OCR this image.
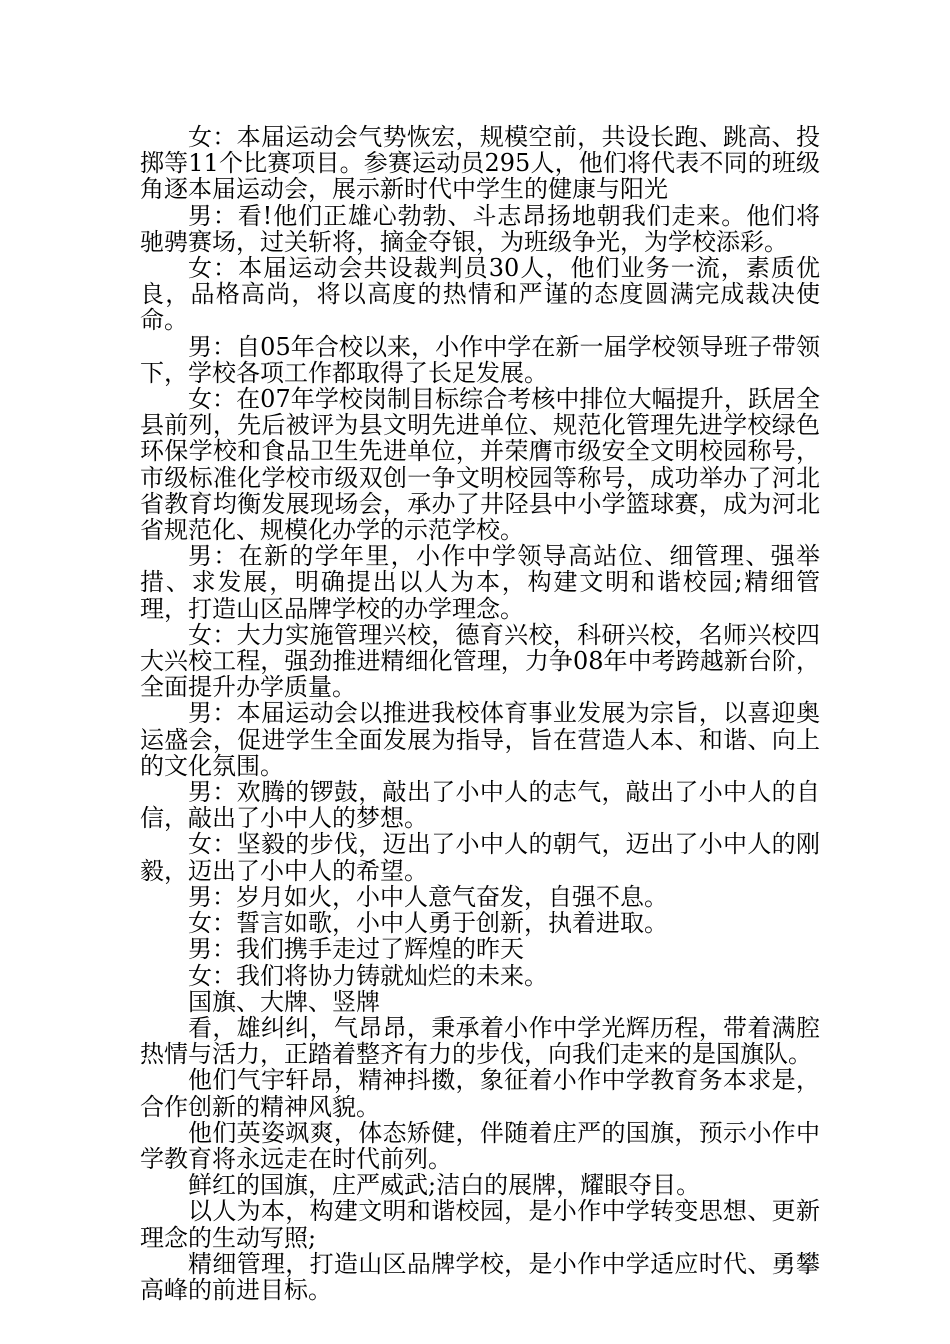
女：本届运动会气势恢宏，规模空前，共设长跑、跳高、投掷等11个比赛项目。参赛运动员295人，他们将代表不同的班级角逐本届运动会，展示新时代中学生的健康与阳光

男：看!他们正雄心勃勃、斗志昂扬地朝我们走来。他们将驰骋赛场，过关斩将，摘金夺银，为班级争光，为学校添彩。

女：本届运动会共设裁判员30人，他们业务一流，素质优良，品格高尚，将以高度的热情和严谨的态度圆满完成裁决使命。

男：自05年合校以来，小作中学在新一届学校领导班子带领下，学校各项工作都取得了长足发展。

女：在07年学校岗制目标综合考核中排位大幅提升，跃居全县前列，先后被评为县文明先进单位、规范化管理先进学校绿色环保学校和食品卫生先进单位，并荣膺市级安全文明校园称号，市级标准化学校市级双创一争文明校园等称号，成功举办了河北省教育均衡发展现场会，承办了井陉县中小学篮球赛，成为河北省规范化、规模化办学的示范学校。

男：在新的学年里，小作中学领导高站位、细管理、强举措、求发展，明确提出以人为本，构建文明和谐校园;精细管理，打造山区品牌学校的办学理念。

女：大力实施管理兴校，德育兴校，科研兴校，名师兴校四大兴校工程，强劲推进精细化管理，力争08年中考跨越新台阶，全面提升办学质量。

男：本届运动会以推进我校体育事业发展为宗旨，以喜迎奥运盛会，促进学生全面发展为指导，旨在营造人本、和谐、向上的文化氛围。

男：欢腾的锣鼓，敲出了小中人的志气，敲出了小中人的自信，敲出了小中人的梦想。

女：坚毅的步伐，迈出了小中人的朝气，迈出了小中人的刚毅，迈出了小中人的希望。

男：岁月如火，小中人意气奋发，自强不息。

女：誓言如歌，小中人勇于创新，执着进取。

男：我们携手走过了辉煌的昨天

女：我们将协力铸就灿烂的未来。

国旗、大牌、竖牌

看，雄纠纠，气昂昂，秉承着小作中学光辉历程，带着满腔热情与活力，正踏着整齐有力的步伐，向我们走来的是国旗队。

他们气宇轩昂，精神抖擞，象征着小作中学教育务本求是，合作创新的精神风貌。

他们英姿飒爽，体态矫健，伴随着庄严的国旗，预示小作中学教育将永远走在时代前列。

鲜红的国旗，庄严威武;洁白的展牌，耀眼夺目。

以人为本，构建文明和谐校园，是小作中学转变思想、更新理念的生动写照;

精细管理，打造山区品牌学校，是小作中学适应时代、勇攀高峰的前进目标。
